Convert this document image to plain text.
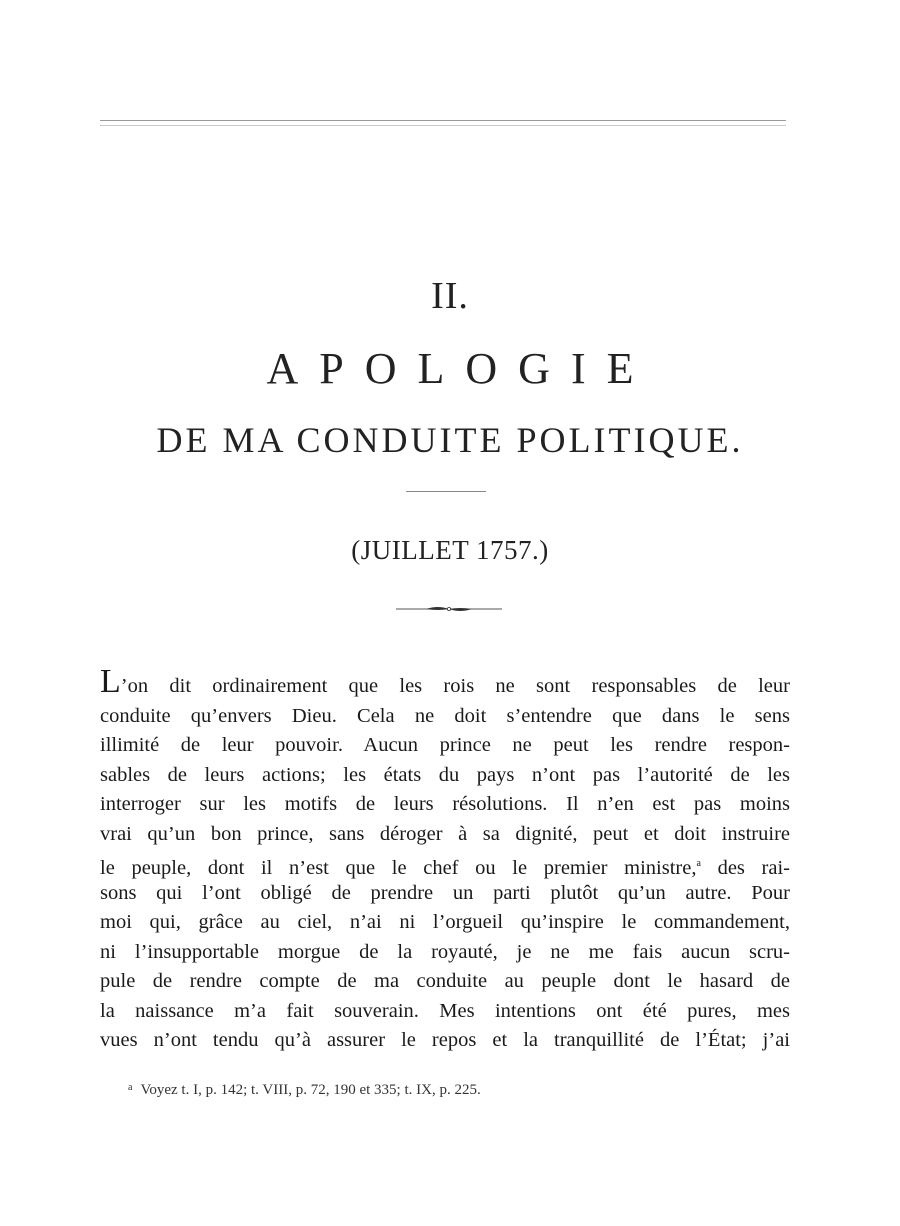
II.
APOLOGIE
DE MA CONDUITE POLITIQUE.
(JUILLET 1757.)
L’on dit ordinairement que les rois ne sont responsables de leur
conduite qu’envers Dieu. Cela ne doit s’entendre que dans le sens
illimité de leur pouvoir. Aucun prince ne peut les rendre respon-
sables de leurs actions; les états du pays n’ont pas l’autorité de les
interroger sur les motifs de leurs résolutions. Il n’en est pas moins
vrai qu’un bon prince, sans déroger à sa dignité, peut et doit instruire
le peuple, dont il n’est que le chef ou le premier ministre,$^a$ des rai-
sons qui l’ont obligé de prendre un parti plutôt qu’un autre. Pour
moi qui, grâce au ciel, n’ai ni l’orgueil qu’inspire le commandement,
ni l’insupportable morgue de la royauté, je ne me fais aucun scru-
pule de rendre compte de ma conduite au peuple dont le hasard de
la naissance m’a fait souverain. Mes intentions ont été pures, mes
vues n’ont tendu qu’à assurer le repos et la tranquillité de l’État; j’ai
$^a$ Voyez t. I, p. 142; t. VIII, p. 72, 190 et 335; t. IX, p. 225.
